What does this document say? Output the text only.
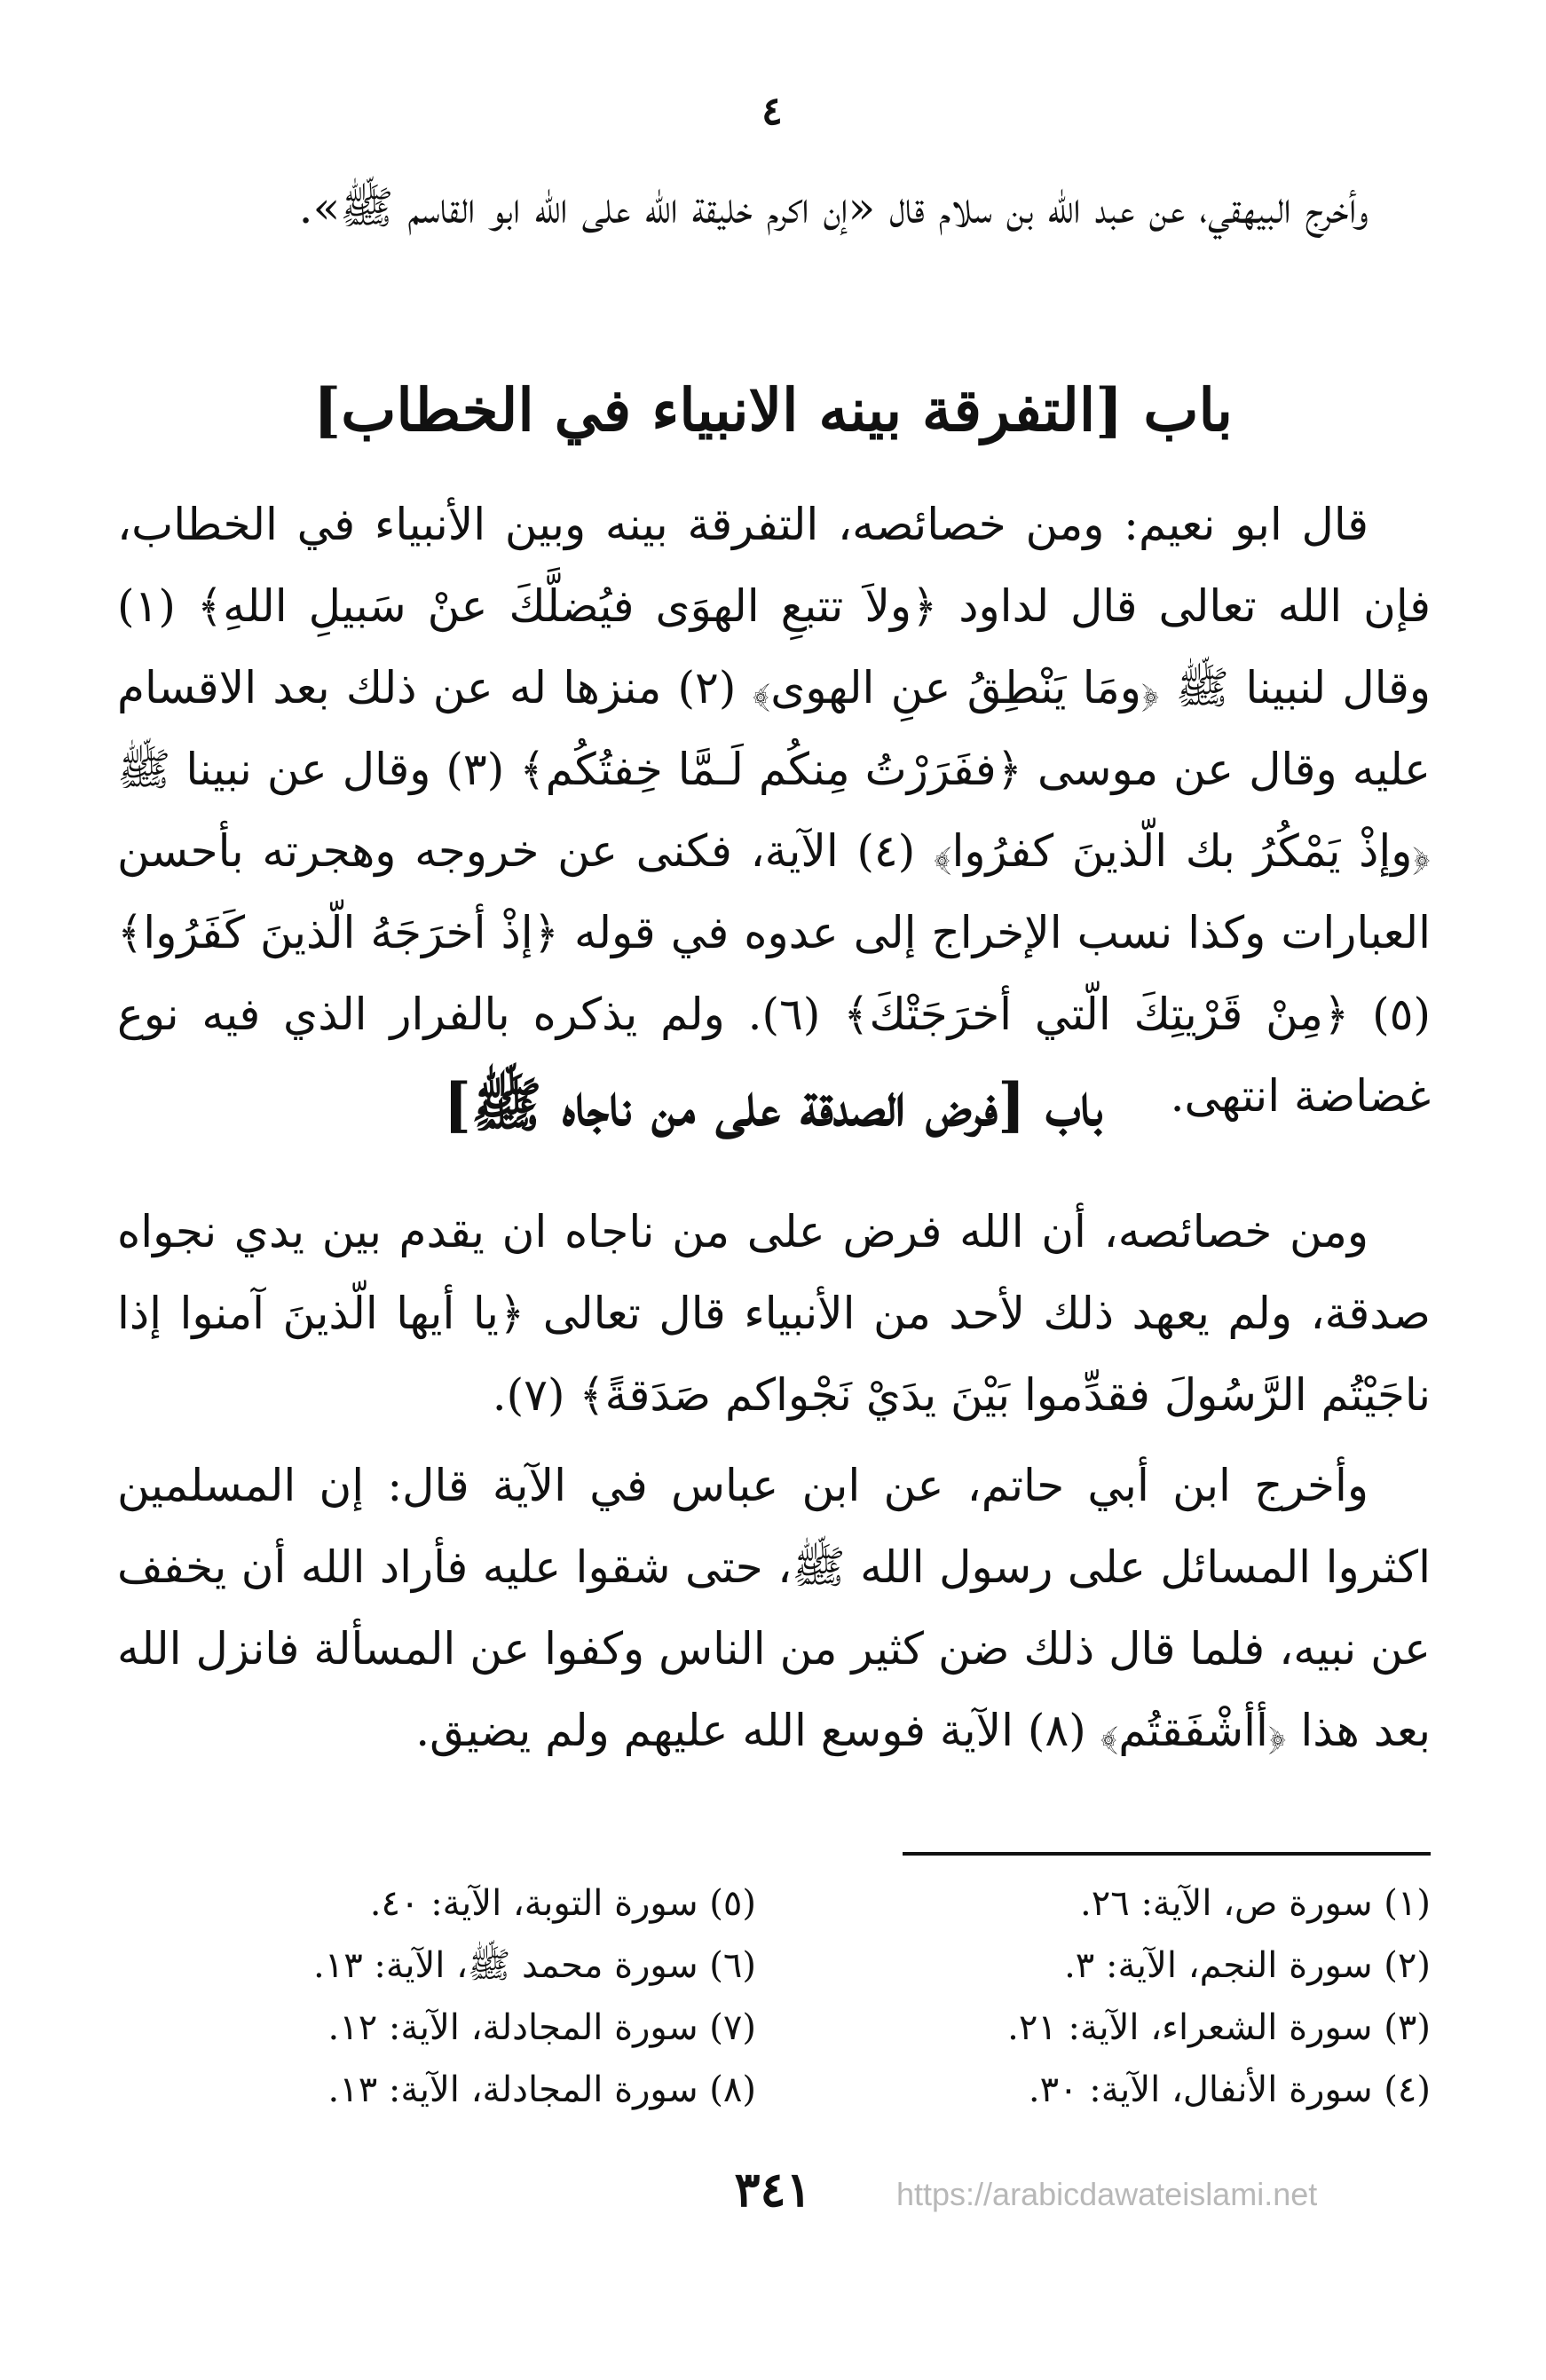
٤

وأخرج البيهقي، عن عبد الله بن سلام قال «إن اكرم خليقة الله على الله ابو القاسم ﷺ».

باب [التفرقة بينه الانبياء في الخطاب]

قال ابو نعيم: ومن خصائصه، التفرقة بينه وبين الأنبياء في الخطاب، فإن الله تعالى قال لداود ﴿ولاَ تتبعِ الهوَى فيُضلَّكَ عنْ سَبيلِ اللهِ﴾ (١) وقال لنبينا ﷺ ﴿ومَا يَنْطِقُ عنِ الهوى﴾ (٢) منزها له عن ذلك بعد الاقسام عليه وقال عن موسى ﴿ففَرَرْتُ مِنكُم لَـمَّا خِفتُكُم﴾ (٣) وقال عن نبينا ﷺ ﴿وإذْ يَمْكُرُ بك الّذينَ كفرُوا﴾ (٤) الآية، فكنى عن خروجه وهجرته بأحسن العبارات وكذا نسب الإخراج إلى عدوه في قوله ﴿إذْ أخرَجَهُ الّذينَ كَفَرُوا﴾ (٥) ﴿مِنْ قَرْيتِكَ الّتي أخرَجَتْكَ﴾ (٦). ولم يذكره بالفرار الذي فيه نوع غضاضة انتهى.

باب [فرض الصدقة على من ناجاه ﷺ]

ومن خصائصه، أن الله فرض على من ناجاه ان يقدم بين يدي نجواه صدقة، ولم يعهد ذلك لأحد من الأنبياء قال تعالى ﴿يا أيها الّذينَ آمنوا إذا ناجَيْتُم الرَّسُولَ فقدِّموا بَيْنَ يدَيْ نَجْواكم صَدَقةً﴾ (٧).

وأخرج ابن أبي حاتم، عن ابن عباس في الآية قال: إن المسلمين اكثروا المسائل على رسول الله ﷺ، حتى شقوا عليه فأراد الله أن يخفف عن نبيه، فلما قال ذلك ضن كثير من الناس وكفوا عن المسألة فانزل الله بعد هذا ﴿أأشْفَقتُم﴾ (٨) الآية فوسع الله عليهم ولم يضيق.

(١) سورة ص، الآية: ٢٦.
(٢) سورة النجم، الآية: ٣.
(٣) سورة الشعراء، الآية: ٢١.
(٤) سورة الأنفال، الآية: ٣٠.
(٥) سورة التوبة، الآية: ٤٠.
(٦) سورة محمد ﷺ، الآية: ١٣.
(٧) سورة المجادلة، الآية: ١٢.
(٨) سورة المجادلة، الآية: ١٣.
٣٤١	https://arabicdawateislami.net
